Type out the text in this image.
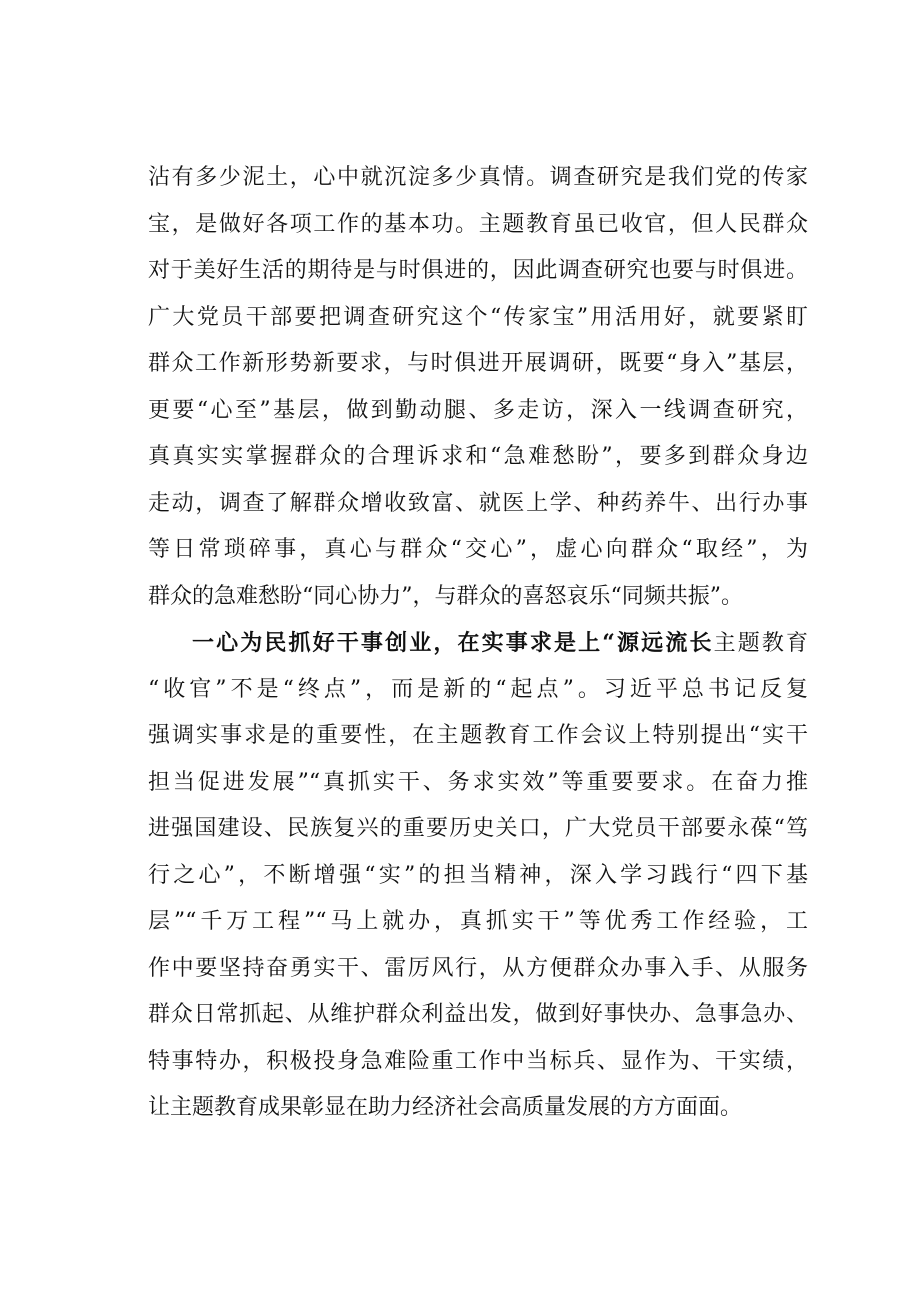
沾有多少泥土，心中就沉淀多少真情。调查研究是我们党的传家
宝，是做好各项工作的基本功。主题教育虽已收官，但人民群众
对于美好生活的期待是与时俱进的，因此调查研究也要与时俱进。
广大党员干部要把调查研究这个“传家宝”用活用好，就要紧盯
群众工作新形势新要求，与时俱进开展调研，既要“身入”基层，
更要“心至”基层，做到勤动腿、多走访，深入一线调查研究，
真真实实掌握群众的合理诉求和“急难愁盼”，要多到群众身边
走动，调查了解群众增收致富、就医上学、种药养牛、出行办事
等日常琐碎事，真心与群众“交心”，虚心向群众“取经”，为
群众的急难愁盼“同心协力”，与群众的喜怒哀乐“同频共振”。
一心为民抓好干事创业，在实事求是上“源远流长主题教育
“收官”不是“终点”，而是新的“起点”。习近平总书记反复
强调实事求是的重要性，在主题教育工作会议上特别提出“实干
担当促进发展”“真抓实干、务求实效”等重要要求。在奋力推
进强国建设、民族复兴的重要历史关口，广大党员干部要永葆“笃
行之心”，不断增强“实”的担当精神，深入学习践行“四下基
层”“千万工程”“马上就办，真抓实干”等优秀工作经验，工
作中要坚持奋勇实干、雷厉风行，从方便群众办事入手、从服务
群众日常抓起、从维护群众利益出发，做到好事快办、急事急办、
特事特办，积极投身急难险重工作中当标兵、显作为、干实绩，
让主题教育成果彰显在助力经济社会高质量发展的方方面面。
